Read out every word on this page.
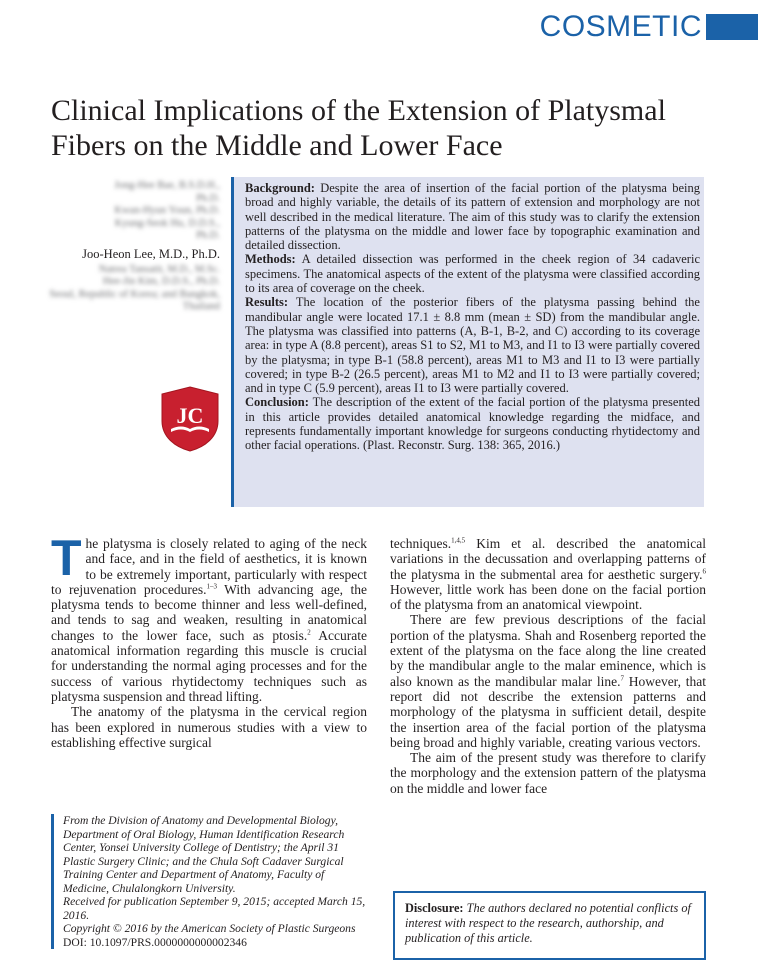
COSMETIC
Clinical Implications of the Extension of Platysmal Fibers on the Middle and Lower Face

Jong-Hee Bae, B.S.D.H.,

Ph.D.

Kwan-Hyun Youn, Ph.D.

Kyung-Seok Hu, D.D.S.,

Ph.D.

Joo-Heon Lee, M.D., Ph.D.

Natrea Tansatit, M.D., M.Sc.

Hee-Jin Kim, D.D.S., Ph.D.

Seoul, Republic of Korea; and Bangkok,

Thailand

JC

Background: Despite the area of insertion of the facial portion of the platysma being broad and highly variable, the details of its pattern of extension and morphology are not well described in the medical literature. The aim of this study was to clarify the extension patterns of the platysma on the middle and lower face by topographic examination and detailed dissection.

Methods: A detailed dissection was performed in the cheek region of 34 cadaveric specimens. The anatomical aspects of the extent of the platysma were classified according to its area of coverage on the cheek.

Results: The location of the posterior fibers of the platysma passing behind the mandibular angle were located 17.1 ± 8.8 mm (mean ± SD) from the mandibular angle. The platysma was classified into patterns (A, B-1, B-2, and C) according to its coverage area: in type A (8.8 percent), areas S1 to S2, M1 to M3, and I1 to I3 were partially covered by the platysma; in type B-1 (58.8 percent), areas M1 to M3 and I1 to I3 were partially covered; in type B-2 (26.5 percent), areas M1 to M2 and I1 to I3 were partially covered; and in type C (5.9 percent), areas I1 to I3 were partially covered.

Conclusion: The description of the extent of the facial portion of the platysma presented in this article provides detailed anatomical knowledge regarding the midface, and represents fundamentally important knowledge for surgeons conducting rhytidectomy and other facial operations. (Plast. Reconstr. Surg. 138: 365, 2016.)

The platysma is closely related to aging of the neck and face, and in the field of aesthetics, it is known to be extremely important, particularly with respect to rejuvenation procedures.$^{1-3}$ With advancing age, the platysma tends to become thinner and less well-defined, and tends to sag and weaken, resulting in anatomical changes to the lower face, such as ptosis.$^2$ Accurate anatomical information regarding this muscle is crucial for understanding the normal aging processes and for the success of various rhytidectomy techniques such as platysma suspension and thread lifting.

The anatomy of the platysma in the cervical region has been explored in numerous studies with a view to establishing effective surgical

techniques.$^{1,4,5}$ Kim et al. described the anatomical variations in the decussation and overlapping patterns of the platysma in the submental area for aesthetic surgery.$^6$ However, little work has been done on the facial portion of the platysma from an anatomical viewpoint.

There are few previous descriptions of the facial portion of the platysma. Shah and Rosenberg reported the extent of the platysma on the face along the line created by the mandibular angle to the malar eminence, which is also known as the mandibular malar line.$^7$ However, that report did not describe the extension patterns and morphology of the platysma in sufficient detail, despite the insertion area of the facial portion of the platysma being broad and highly variable, creating various vectors.

The aim of the present study was therefore to clarify the morphology and the extension pattern of the platysma on the middle and lower face

From the Division of Anatomy and Developmental Biology, Department of Oral Biology, Human Identification Research Center, Yonsei University College of Dentistry; the April 31 Plastic Surgery Clinic; and the Chula Soft Cadaver Surgical Training Center and Department of Anatomy, Faculty of Medicine, Chulalongkorn University.

Received for publication September 9, 2015; accepted March 15, 2016.

Copyright © 2016 by the American Society of Plastic Surgeons

DOI: 10.1097/PRS.0000000000002346

Disclosure: The authors declared no potential conflicts of interest with respect to the research, authorship, and publication of this article.
